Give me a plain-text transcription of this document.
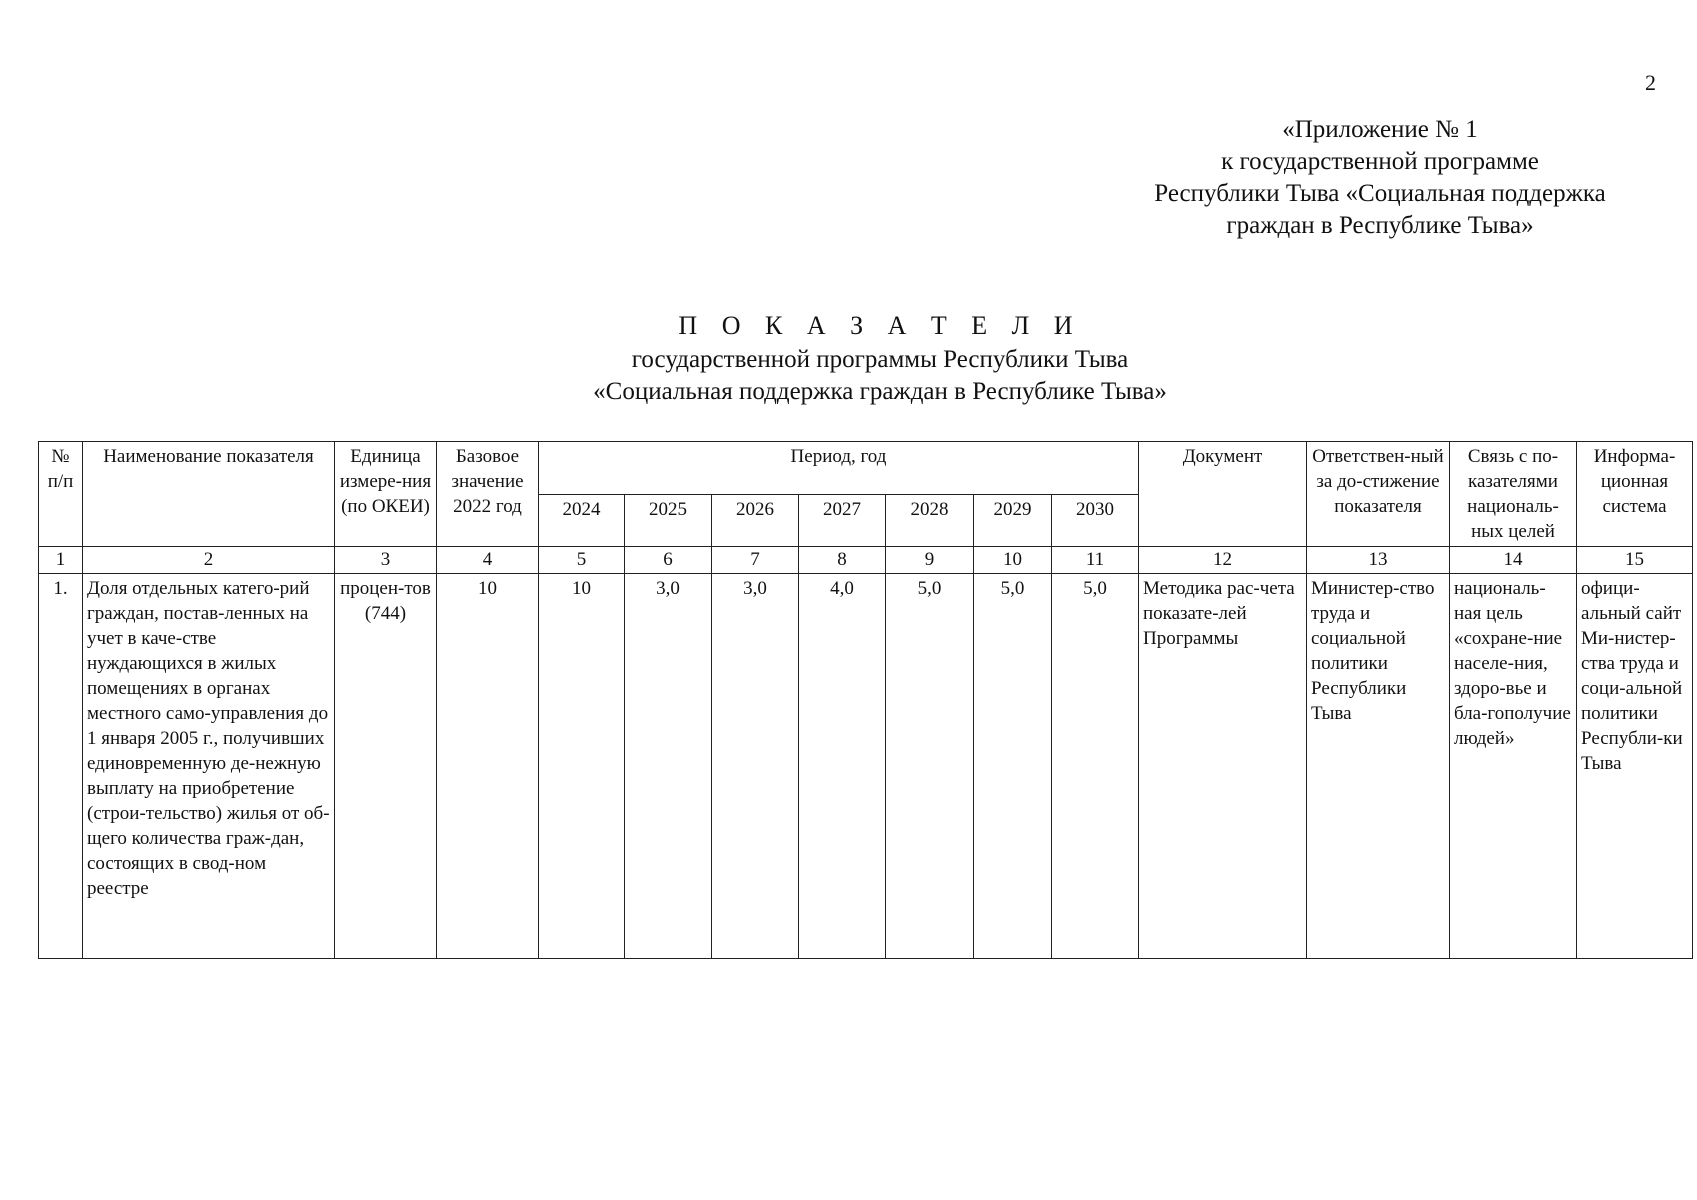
2
«Приложение № 1
к государственной программе
Республики Тыва «Социальная поддержка
граждан в Республике Тыва»
П О К А З А Т Е Л И
государственной программы Республики Тыва
«Социальная поддержка граждан в Республике Тыва»
№ п/п	Наименование показателя	Единица измере-ния (по ОКЕИ)	Базовое значение 2022 год	Период, год							Документ	Ответствен-ный за до-стижение показателя	Связь с по-казателями националь-ных целей	Информа-ционная система
				2024	2025	2026	2027	2028	2029	2030				
1	2	3	4	5	6	7	8	9	10	11	12	13	14	15
1.	Доля отдельных катего-рий граждан, постав-ленных на учет в каче-стве нуждающихся в жилых помещениях в органах местного само-управления до 1 января 2005 г., получивших единовременную де-нежную выплату на приобретение (строи-тельство) жилья от об-щего количества граж-дан, состоящих в свод-ном реестре	процен-тов (744)	10	10	3,0	3,0	4,0	5,0	5,0	5,0	Методика рас-чета показате-лей Программы	Министер-ство труда и социальной политики Республики Тыва	националь-ная цель «сохране-ние населе-ния, здоро-вье и бла-гополучие людей»	офици-альный сайт Ми-нистер-ства труда и соци-альной политики Республи-ки Тыва
